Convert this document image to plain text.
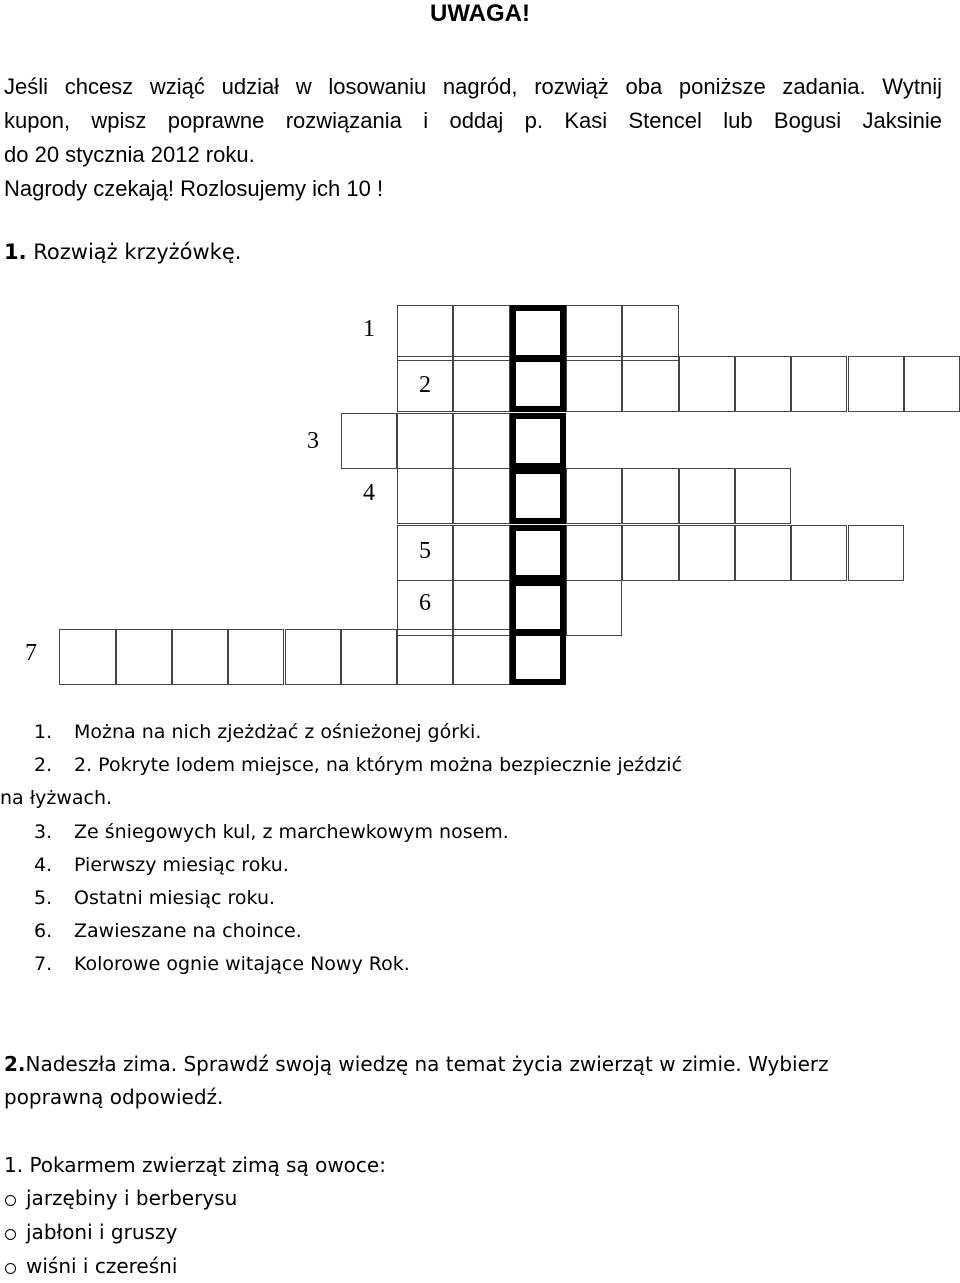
UWAGA!

Jeśli chcesz wziąć udział w losowaniu nagród, rozwiąż oba poniższe zadania. Wytnij
kupon, wpisz poprawne rozwiązania i oddaj p. Kasi Stencel lub Bogusi Jaksinie
do 20 stycznia 2012 roku.
Nagrody czekają! Rozlosujemy ich 10 !

1. Rozwiąż krzyżówkę.

1
2
3
4
5
6
7
1. Można na nich zjeżdżać z ośnieżonej górki.
2. 2. Pokryte lodem miejsce, na którym można bezpiecznie jeździć
na łyżwach.
3. Ze śniegowych kul, z marchewkowym nosem.
4. Pierwszy miesiąc roku.
5. Ostatni miesiąc roku.
6. Zawieszane na choince.
7. Kolorowe ognie witające Nowy Rok.

2.Nadeszła zima. Sprawdź swoją wiedzę na temat życia zwierząt w zimie. Wybierz poprawną odpowiedź.

1. Pokarmem zwierząt zimą są owoce:

jarzębiny i berberysu
jabłoni i gruszy
wiśni i czereśni
